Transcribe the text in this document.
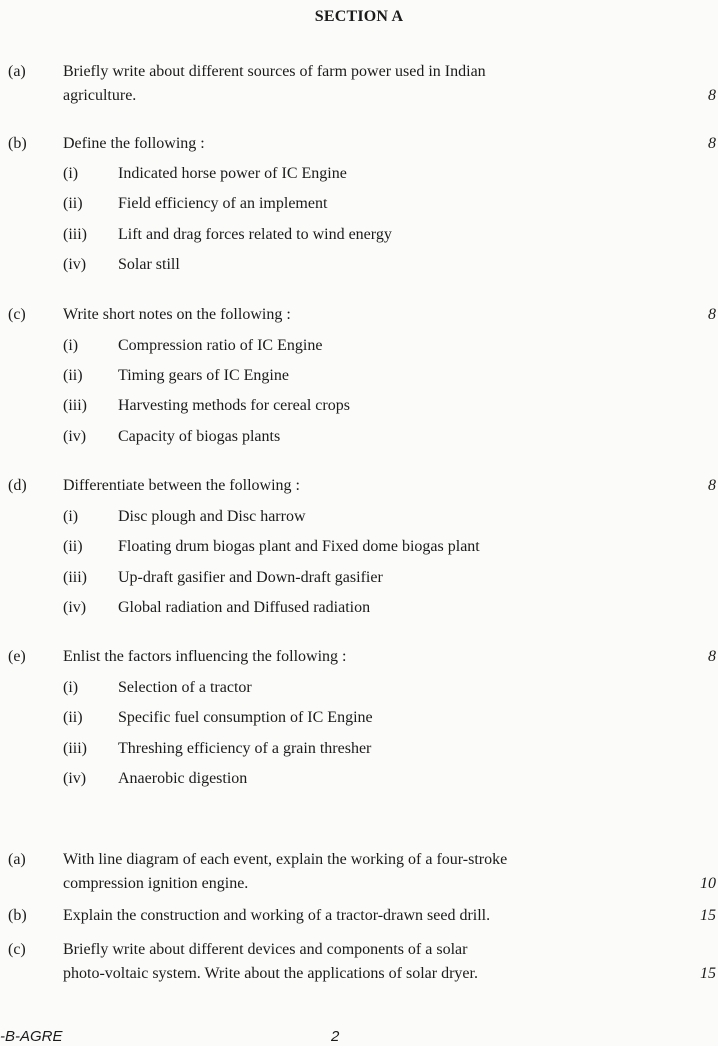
SECTION A
(a) Briefly write about different sources of farm power used in Indian
agriculture.	8
(b) Define the following :	8
(i) Indicated horse power of IC Engine
(ii) Field efficiency of an implement
(iii) Lift and drag forces related to wind energy
(iv) Solar still
(c) Write short notes on the following :	8
(i) Compression ratio of IC Engine
(ii) Timing gears of IC Engine
(iii) Harvesting methods for cereal crops
(iv) Capacity of biogas plants
(d) Differentiate between the following :	8
(i) Disc plough and Disc harrow
(ii) Floating drum biogas plant and Fixed dome biogas plant
(iii) Up-draft gasifier and Down-draft gasifier
(iv) Global radiation and Diffused radiation
(e) Enlist the factors influencing the following :	8
(i) Selection of a tractor
(ii) Specific fuel consumption of IC Engine
(iii) Threshing efficiency of a grain thresher
(iv) Anaerobic digestion
(a) With line diagram of each event, explain the working of a four-stroke
compression ignition engine.	10
(b) Explain the construction and working of a tractor-drawn seed drill.	15
(c) Briefly write about different devices and components of a solar
photo-voltaic system. Write about the applications of solar dryer.	15
-B-AGRE	2
